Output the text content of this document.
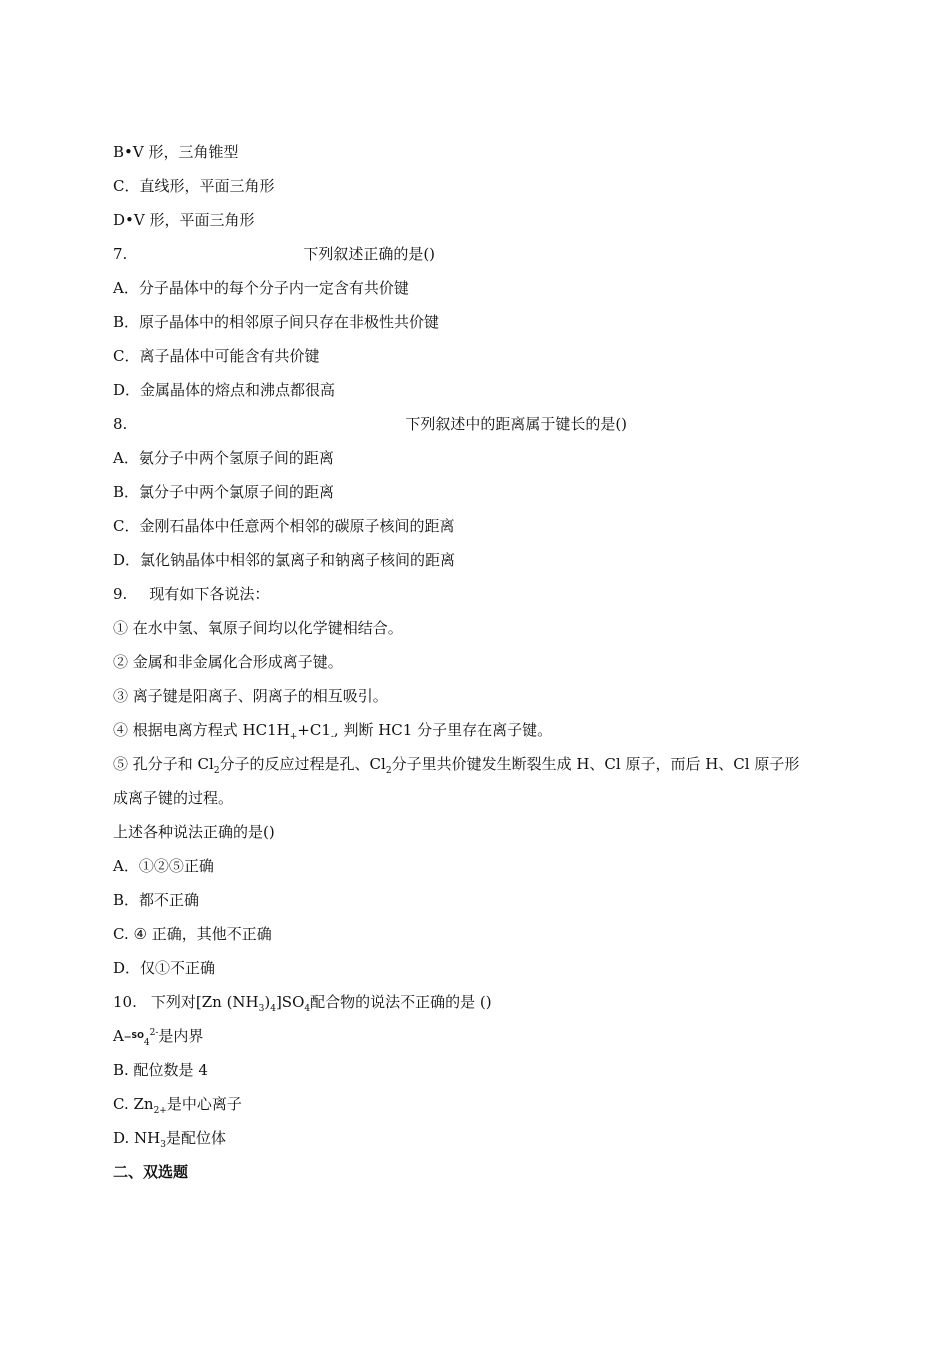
B•V 形，三角锥型
C．直线形，平面三角形
D•V 形，平面三角形
7.	下列叙述正确的是()
A．分子晶体中的每个分子内一定含有共价键
B．原子晶体中的相邻原子间只存在非极性共价键
C．离子晶体中可能含有共价键
D．金属晶体的熔点和沸点都很高
8.	下列叙述中的距离属于键长的是()
A．氨分子中两个氢原子间的距离
B．氯分子中两个氯原子间的距离
C．金刚石晶体中任意两个相邻的碳原子核间的距离
D．氯化钠晶体中相邻的氯离子和钠离子核间的距离
9. 现有如下各说法：
① 在水中氢、氧原子间均以化学键相结合。
② 金属和非金属化合形成离子键。
③ 离子键是阳离子、阴离子的相互吸引。
④ 根据电离方程式 $HC1H_++C1_-$, 判断 HC1 分子里存在离子键。
⑤ 孔分子和 $Cl_2$分子的反应过程是孔、$Cl_2$分子里共价键发生断裂生成 H、Cl 原子，而后 H、Cl 原子形
成离子键的过程。
上述各种说法正确的是()
A．①②⑤正确
B．都不正确
C. ④ 正确，其他不正确
D．仅①不正确
10. 下列对[Zn $(NH_3)_4]SO_4$配合物的说法不正确的是 ()
$A-SO_4^{2-}$是内界
B. 配位数是 4
C. $Zn_{2+}$是中心离子
D. $NH_3$是配位体
二、双选题
